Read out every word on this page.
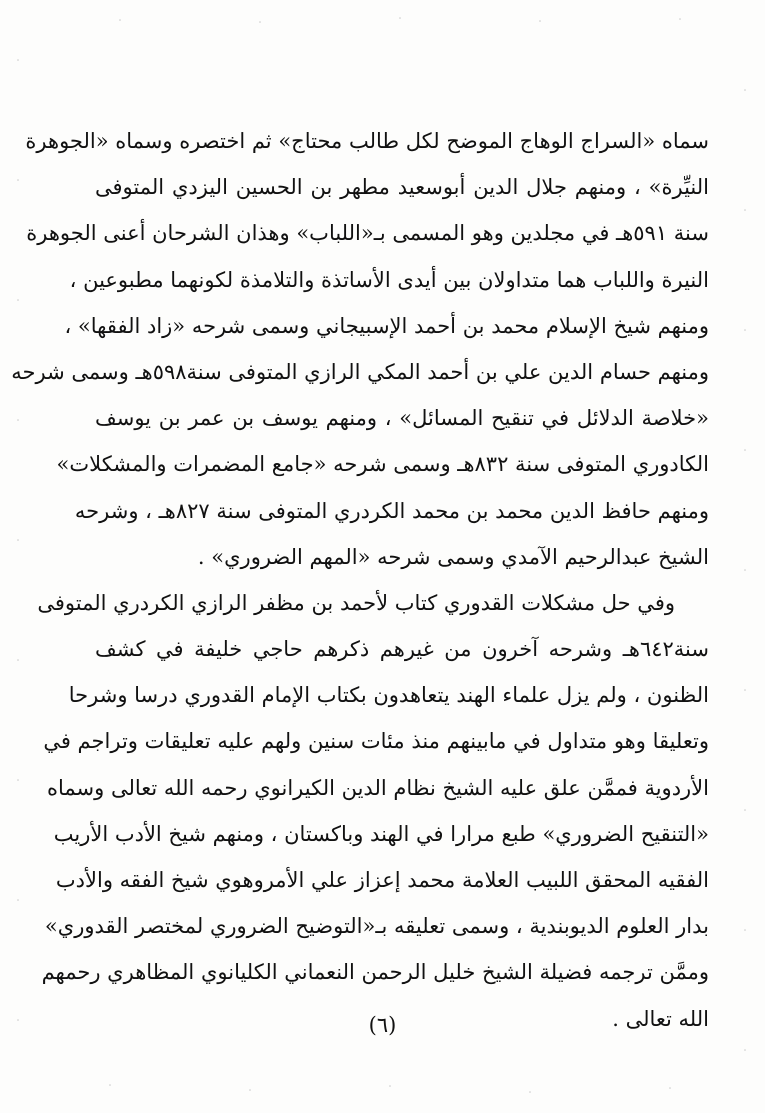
سماه «السراج الوهاج الموضح لكل طالب محتاج» ثم اختصره وسماه «الجوهرة
النيِّرة» ، ومنهم جلال الدين أبوسعيد مطهر بن الحسين اليزدي المتوفى
سنة ٥٩١هـ في مجلدين وهو المسمى بـ«اللباب» وهذان الشرحان أعنى الجوهرة
النيرة واللباب هما متداولان بين أيدى الأساتذة والتلامذة لكونهما مطبوعين ،
ومنهم شيخ الإسلام محمد بن أحمد الإسبيجاني وسمى شرحه «زاد الفقها» ،
ومنهم حسام الدين علي بن أحمد المكي الرازي المتوفى سنة٥٩٨هـ وسمى شرحه
«خلاصة الدلائل في تنقيح المسائل» ، ومنهم يوسف بن عمر بن يوسف
الكادوري المتوفى سنة ٨٣٢هـ وسمى شرحه «جامع المضمرات والمشكلات»
ومنهم حافظ الدين محمد بن محمد الكردري المتوفى سنة ٨٢٧هـ ، وشرحه
الشيخ عبدالرحيم الآمدي وسمى شرحه «المهم الضروري» .
وفي حل مشكلات القدوري كتاب لأحمد بن مظفر الرازي الكردري المتوفى
سنة٦٤٢هـ وشرحه آخرون من غيرهم ذكرهم حاجي خليفة في كشف
الظنون ، ولم يزل علماء الهند يتعاهدون بكتاب الإمام القدوري درسا وشرحا
وتعليقا وهو متداول في مابينهم منذ مئات سنين ولهم عليه تعليقات وتراجم في
الأردوية فممَّن علق عليه الشيخ نظام الدين الكيرانوي رحمه الله تعالى وسماه
«التنقيح الضروري» طبع مرارا في الهند وباكستان ، ومنهم شيخ الأدب الأريب
الفقيه المحقق اللبيب العلامة محمد إعزاز علي الأمروهوي شيخ الفقه والأدب
بدار العلوم الديوبندية ، وسمى تعليقه بـ«التوضيح الضروري لمختصر القدوري»
وممَّن ترجمه فضيلة الشيخ خليل الرحمن النعماني الكليانوي المظاهري رحمهم
الله تعالى .
(٦)
